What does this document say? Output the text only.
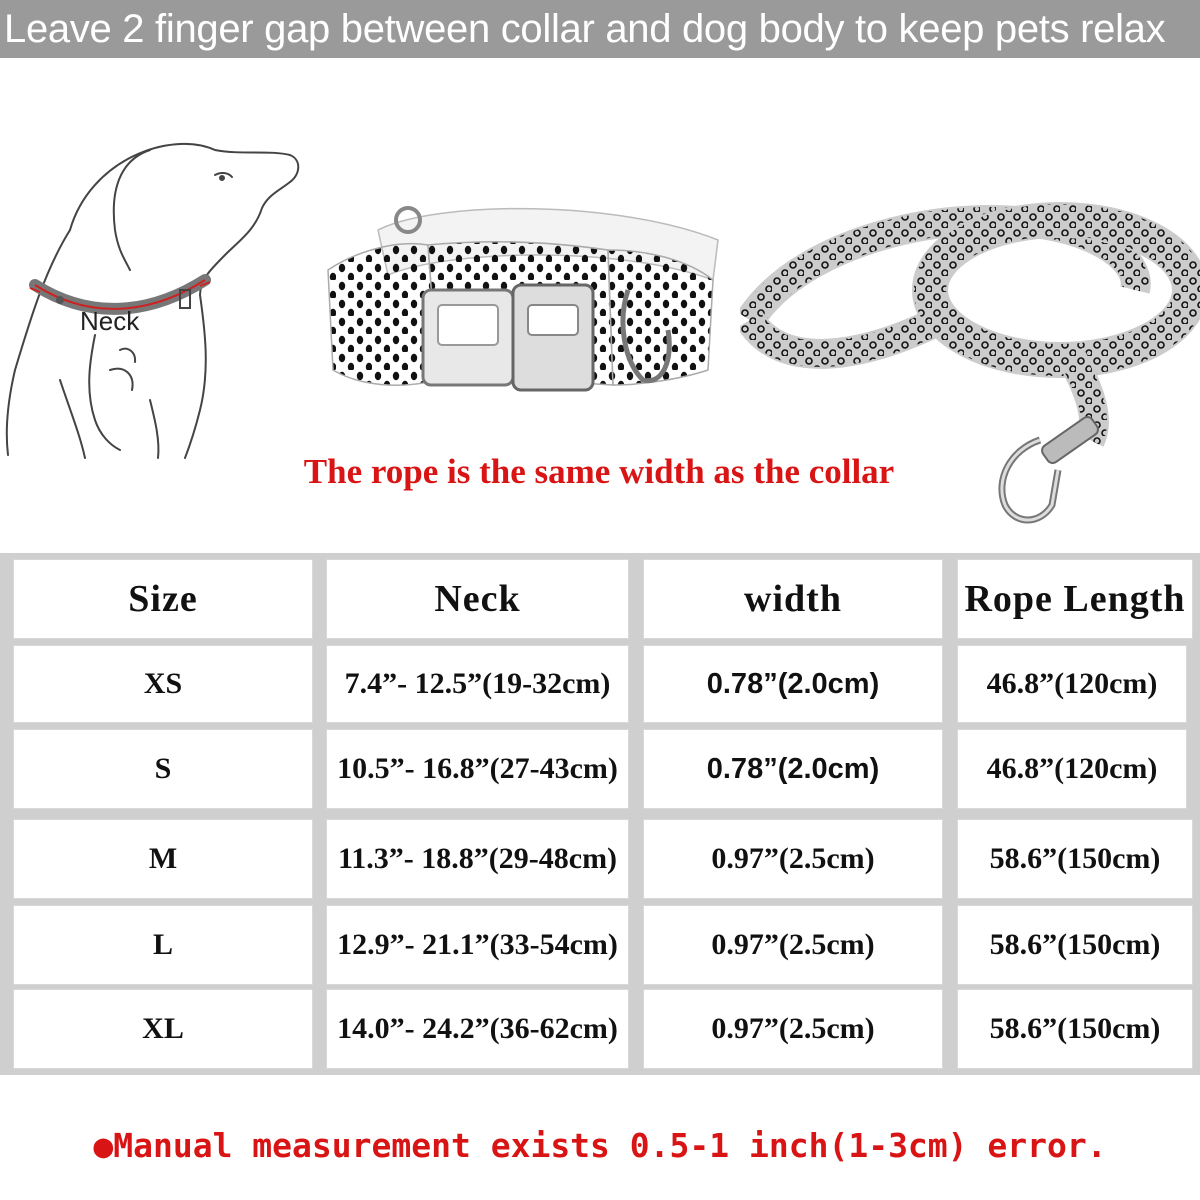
Leave 2 finger gap between collar and dog body to keep pets relax
Neck
The rope is the same width as the collar
Size	Neck	width	Rope Length
XS	7.4”- 12.5”(19-32cm)	0.78”(2.0cm)	46.8”(120cm)
S	10.5”- 16.8”(27-43cm)	0.78”(2.0cm)	46.8”(120cm)
M	11.3”- 18.8”(29-48cm)	0.97”(2.5cm)	58.6”(150cm)
L	12.9”- 21.1”(33-54cm)	0.97”(2.5cm)	58.6”(150cm)
XL	14.0”- 24.2”(36-62cm)	0.97”(2.5cm)	58.6”(150cm)
●Manual measurement exists 0.5-1 inch(1-3cm) error.
